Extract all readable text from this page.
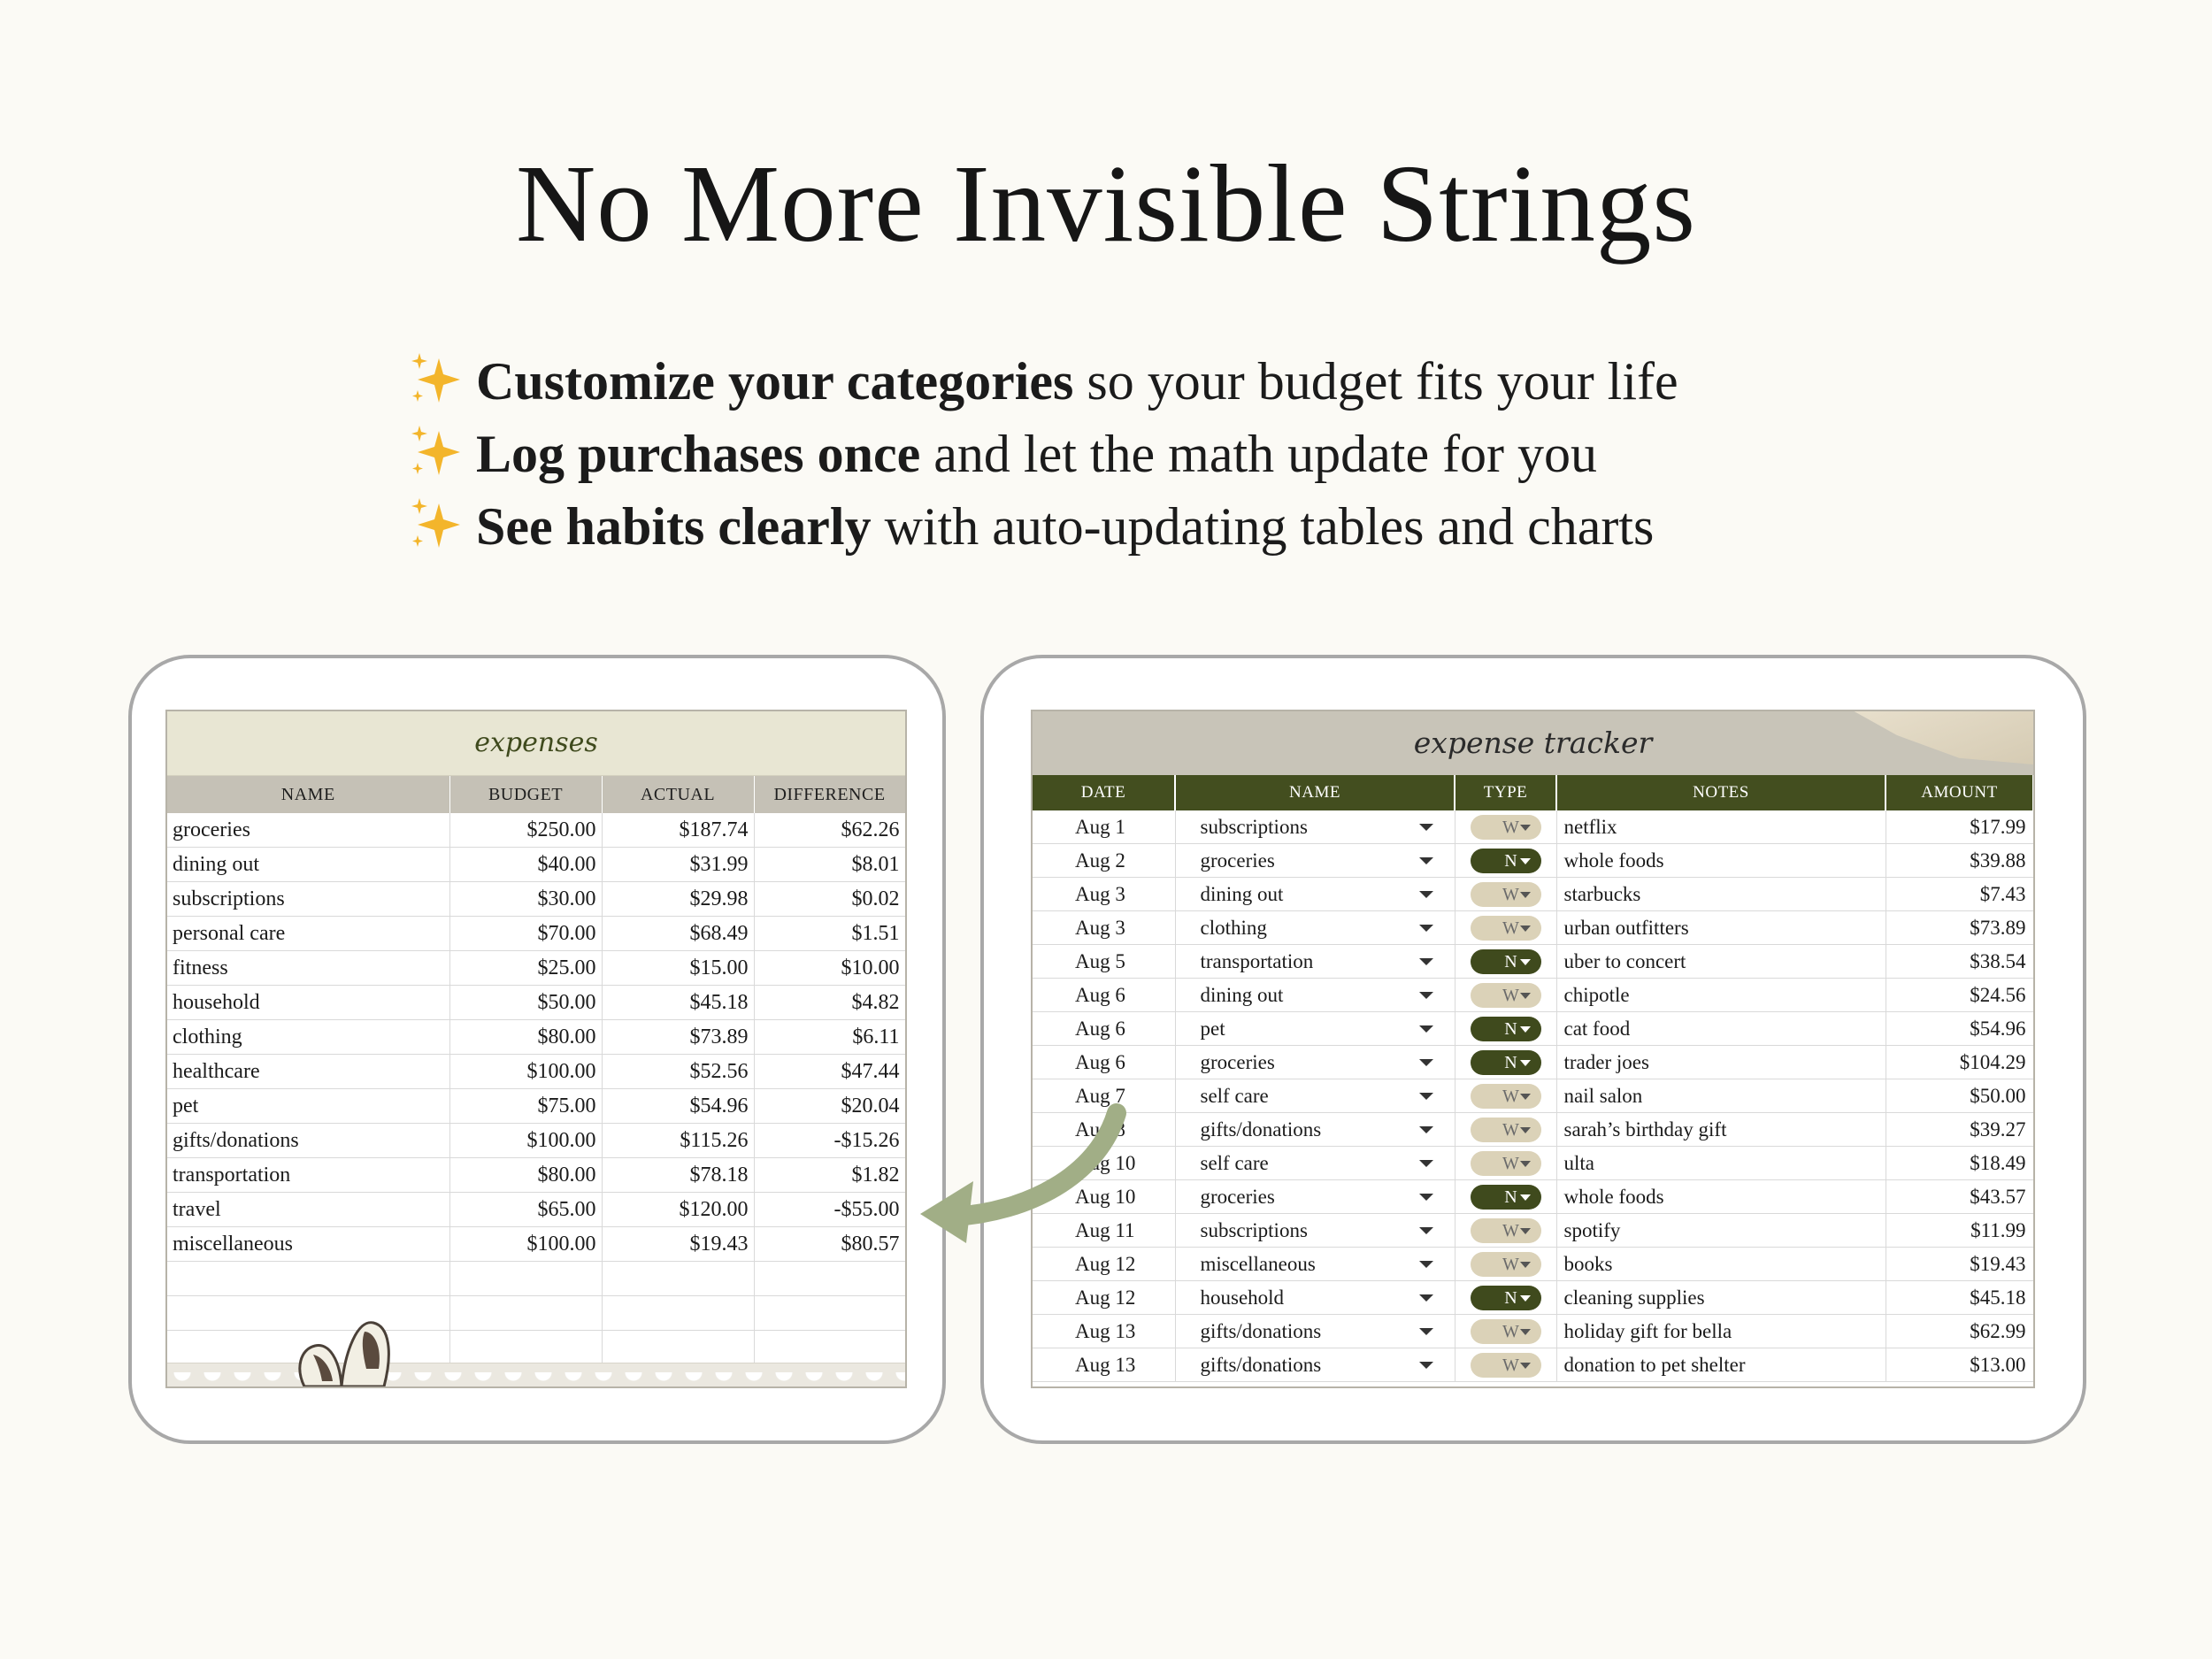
No More Invisible Strings
Customize your categories so your budget fits your life
Log purchases once and let the math update for you
See habits clearly with auto-updating tables and charts
expenses
NAME	BUDGET	ACTUAL	DIFFERENCE
groceries	$250.00	$187.74	$62.26
dining out	$40.00	$31.99	$8.01
subscriptions	$30.00	$29.98	$0.02
personal care	$70.00	$68.49	$1.51
fitness	$25.00	$15.00	$10.00
household	$50.00	$45.18	$4.82
clothing	$80.00	$73.89	$6.11
healthcare	$100.00	$52.56	$47.44
pet	$75.00	$54.96	$20.04
gifts/donations	$100.00	$115.26	-$15.26
transportation	$80.00	$78.18	$1.82
travel	$65.00	$120.00	-$55.00
miscellaneous	$100.00	$19.43	$80.57

expense tracker
DATE	NAME	TYPE	NOTES	AMOUNT
Aug 1	subscriptions	W	netflix	$17.99
Aug 2	groceries	N	whole foods	$39.88
Aug 3	dining out	W	starbucks	$7.43
Aug 3	clothing	W	urban outfitters	$73.89
Aug 5	transportation	N	uber to concert	$38.54
Aug 6	dining out	W	chipotle	$24.56
Aug 6	pet	N	cat food	$54.96
Aug 6	groceries	N	trader joes	$104.29
Aug 7	self care	W	nail salon	$50.00
Aug 8	gifts/donations	W	sarah’s birthday gift	$39.27
Aug 10	self care	W	ulta	$18.49
Aug 10	groceries	N	whole foods	$43.57
Aug 11	subscriptions	W	spotify	$11.99
Aug 12	miscellaneous	W	books	$19.43
Aug 12	household	N	cleaning supplies	$45.18
Aug 13	gifts/donations	W	holiday gift for bella	$62.99
Aug 13	gifts/donations	W	donation to pet shelter	$13.00
